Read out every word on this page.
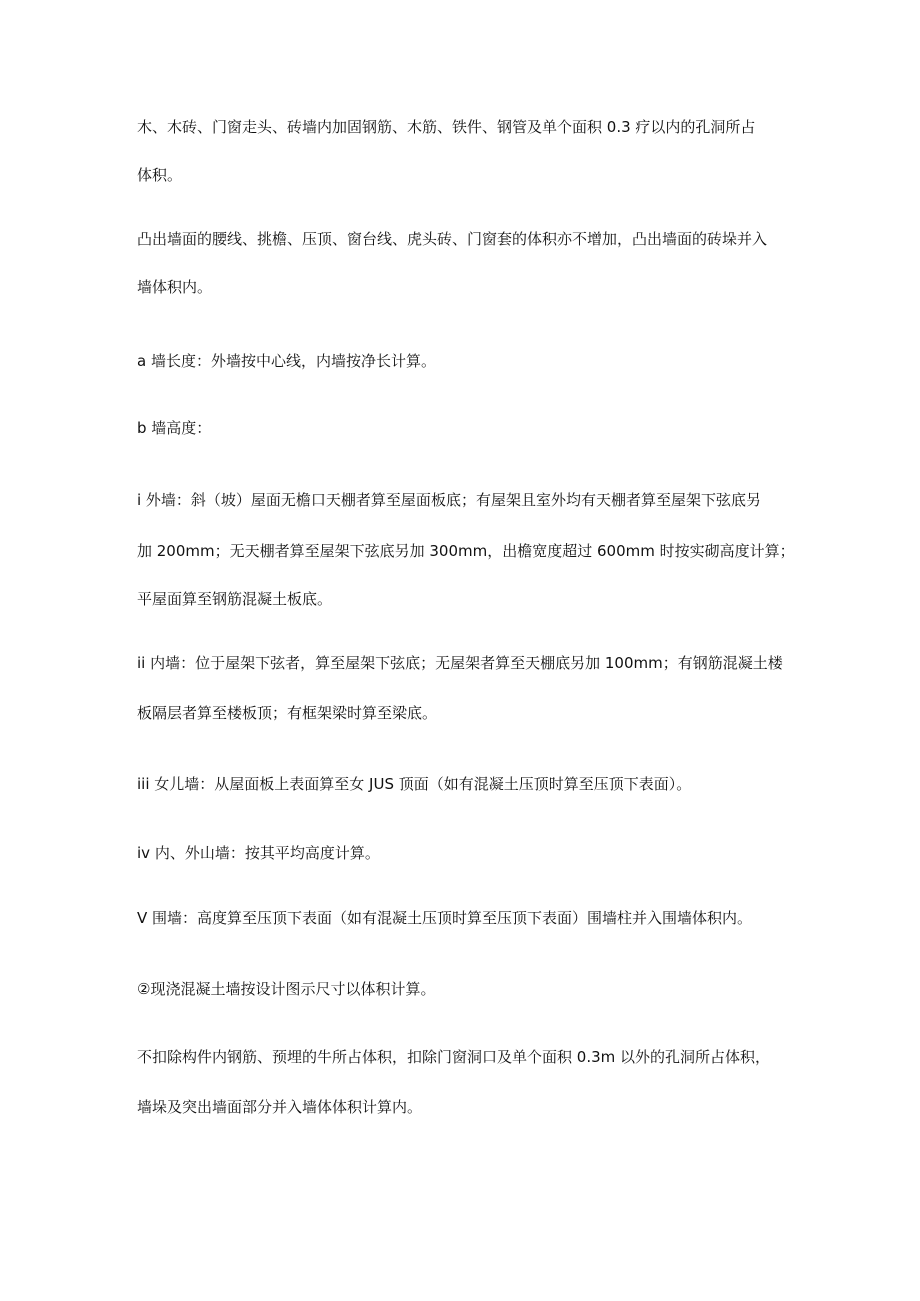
木、木砖、门窗走头、砖墙内加固钢筋、木筋、铁件、钢管及单个面积 0.3 疗以内的孔洞所占
体积。
凸出墙面的腰线、挑檐、压顶、窗台线、虎头砖、门窗套的体积亦不增加，凸出墙面的砖垛并入
墙体积内。
a 墙长度：外墙按中心线，内墙按净长计算。
b 墙高度：
i 外墙：斜（坡）屋面无檐口天棚者算至屋面板底；有屋架且室外均有天棚者算至屋架下弦底另
加 200mm；无天棚者算至屋架下弦底另加 300mm，出檐宽度超过 600mm 时按实砌高度计算；
平屋面算至钢筋混凝土板底。
ii 内墙：位于屋架下弦者，算至屋架下弦底；无屋架者算至天棚底另加 100mm；有钢筋混凝土楼
板隔层者算至楼板顶；有框架梁时算至梁底。
iii 女儿墙：从屋面板上表面算至女 JUS 顶面（如有混凝土压顶时算至压顶下表面）。
iv 内、外山墙：按其平均高度计算。
V 围墙：高度算至压顶下表面（如有混凝土压顶时算至压顶下表面）围墙柱并入围墙体积内。
②现浇混凝土墙按设计图示尺寸以体积计算。
不扣除构件内钢筋、预埋的牛所占体积，扣除门窗洞口及单个面积 0.3m 以外的孔洞所占体积，
墙垛及突出墙面部分并入墙体体积计算内。
